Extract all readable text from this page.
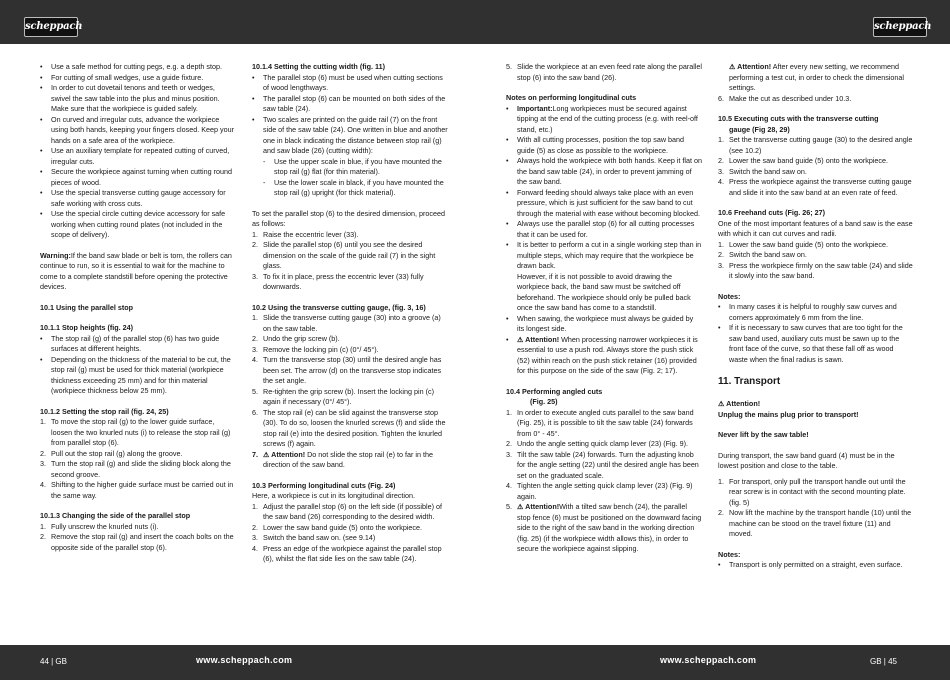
scheppach	scheppach
• Use a safe method for cutting pegs, e.g. a depth stop.
• For cutting of small wedges, use a guide fixture.
• In order to cut dovetail tenons and teeth or wedges, swivel the saw table into the plus and minus position. Make sure that the workpiece is guided safely.
• On curved and irregular cuts, advance the workpiece using both hands, keeping your fingers closed. Keep your hands on a safe area of the workpiece.
• Use an auxiliary template for repeated cutting of curved, irregular cuts.
• Secure the workpiece against turning when cutting round pieces of wood.
• Use the special transverse cutting gauge accessory for safe working with cross cuts.
• Use the special circle cutting device accessory for safe working when cutting round plates (not included in the scope of delivery).

Warning:If the band saw blade or belt is torn, the rollers can continue to run, so it is essential to wait for the machine to come to a complete standstill before opening the protective devices.

10.1 Using the parallel stop

10.1.1 Stop heights (fig. 24)

• The stop rail (g) of the parallel stop (6) has two guide surfaces at different heights.
• Depending on the thickness of the material to be cut, the stop rail (g) must be used for thick material (workpiece thickness exceeding 25 mm) and for thin material (workpiece thickness below 25 mm).

10.1.2 Setting the stop rail (fig. 24, 25)

1. To move the stop rail (g) to the lower guide surface, loosen the two knurled nuts (i) to release the stop rail (g) from parallel stop (6).
2. Pull out the stop rail (g) along the groove.
3. Turn the stop rail (g) and slide the sliding block along the second groove.
4. Shifting to the higher guide surface must be carried out in the same way.

10.1.3 Changing the side of the parallel stop

1. Fully unscrew the knurled nuts (i).
2. Remove the stop rail (g) and insert the coach bolts on the opposite side of the parallel stop (6).

10.1.4 Setting the cutting width (fig. 11)

• The parallel stop (6) must be used when cutting sections of wood lengthways.
• The parallel stop (6) can be mounted on both sides of the saw table (24).
• Two scales are printed on the guide rail (7) on the front side of the saw table (24). One written in blue and another one in black indicating the distance between stop rail (g) and saw blade (26) (cutting width):
- Use the upper scale in blue, if you have mounted the stop rail (g) flat (for thin material).
- Use the lower scale in black, if you have mounted the stop rail (g) upright (for thick material).

To set the parallel stop (6) to the desired dimension, proceed as follows:

1. Raise the eccentric lever (33).
2. Slide the parallel stop (6) until you see the desired dimension on the scale of the guide rail (7) in the sight glass.
3. To fix it in place, press the eccentric lever (33) fully downwards.

10.2 Using the transverse cutting gauge, (fig. 3, 16)

1. Slide the transverse cutting gauge (30) into a groove (a) on the saw table.
2. Undo the grip screw (b).
3. Remove the locking pin (c) (0°/ 45°).
4. Turn the transverse stop (30) until the desired angle has been set. The arrow (d) on the transverse stop indicates the set angle.
5. Re-tighten the grip screw (b). Insert the locking pin (c) again if necessary (0°/ 45°).
6. The stop rail (e) can be slid against the transverse stop (30). To do so, loosen the knurled screws (f) and slide the stop rail (e) into the desired position. Tighten the knurled screws (f) again.
7. ⚠ Attention! Do not slide the stop rail (e) to far in the direction of the saw band.

10.3 Performing longitudinal cuts (Fig. 24)

Here, a workpiece is cut in its longitudinal direction.

1. Adjust the parallel stop (6) on the left side (if possible) of the saw band (26) corresponding to the desired width.
2. Lower the saw band guide (5) onto the workpiece.
3. Switch the band saw on. (see 9.14)
4. Press an edge of the workpiece against the parallel stop (6), whilst the flat side lies on the saw table (24).
5. Slide the workpiece at an even feed rate along the parallel stop (6) into the saw band (26).

Notes on performing longitudinal cuts

• Important:Long workpieces must be secured against tipping at the end of the cutting process (e.g. with reel-off stand, etc.)
• With all cutting processes, position the top saw band guide (5) as close as possible to the workpiece.
• Always hold the workpiece with both hands. Keep it flat on the band saw table (24), in order to prevent jamming of the saw band.
• Forward feeding should always take place with an even pressure, which is just sufficient for the saw band to cut through the material with ease without becoming blocked.
• Always use the parallel stop (6) for all cutting processes that it can be used for.
• It is better to perform a cut in a single working step than in multiple steps, which may require that the workpiece be drawn back.
However, if it is not possible to avoid drawing the workpiece back, the band saw must be switched off beforehand. The workpiece should only be pulled back once the saw band has come to a standstill.
• When sawing, the workpiece must always be guided by its longest side.
• ⚠ Attention! When processing narrower workpieces it is essential to use a push rod. Always store the push stick (52) within reach on the push stick retainer (16) provided for this purpose on the side of the saw (Fig. 2; 17).

10.4 Performing angled cuts

(Fig. 25)

1. In order to execute angled cuts parallel to the saw band (Fig. 25), it is possible to tilt the saw table (24) forwards from 0° - 45°.
2. Undo the angle setting quick clamp lever (23) (Fig. 9).
3. Tilt the saw table (24) forwards. Turn the adjusting knob for the angle setting (22) until the desired angle has been set on the graduated scale.
4. Tighten the angle setting quick clamp lever (23) (Fig. 9) again.
5. ⚠ Attention!With a tilted saw bench (24), the parallel stop fence (6) must be positioned on the downward facing side to the right of the saw band in the working direction (fig. 25) (if the workpiece width allows this), in order to secure the workpiece against slipping.

⚠ Attention! After every new setting, we recommend performing a test cut, in order to check the dimensional settings.

6. Make the cut as described under 10.3.

10.5 Executing cuts with the transverse cutting

gauge (Fig 28, 29)

1. Set the transverse cutting gauge (30) to the desired angle (see 10.2)
2. Lower the saw band guide (5) onto the workpiece.
3. Switch the band saw on.
4. Press the workpiece against the transverse cutting gauge and slide it into the saw band at an even rate of feed.

10.6 Freehand cuts (Fig. 26; 27)

One of the most important features of a band saw is the ease with which it can cut curves and radii.

1. Lower the saw band guide (5) onto the workpiece.
2. Switch the band saw on.
3. Press the workpiece firmly on the saw table (24) and slide it slowly into the saw band.

Notes:

• In many cases it is helpful to roughly saw curves and corners approximately 6 mm from the line.
• If it is necessary to saw curves that are too tight for the saw band used, auxiliary cuts must be sawn up to the front face of the curve, so that these fall off as wood waste when the final radius is sawn.

11. Transport

⚠ Attention!

Unplug the mains plug prior to transport!

Never lift by the saw table!

During transport, the saw band guard (4) must be in the lowest position and close to the table.

1. For transport, only pull the transport handle out until the rear screw is in contact with the second mounting plate. (fig. 5)
2. Now lift the machine by the transport handle (10) until the machine can be stood on the travel fixture (11) and moved.

Notes:

• Transport is only permitted on a straight, even surface.
44 | GB	www.scheppach.com	www.scheppach.com	GB | 45
